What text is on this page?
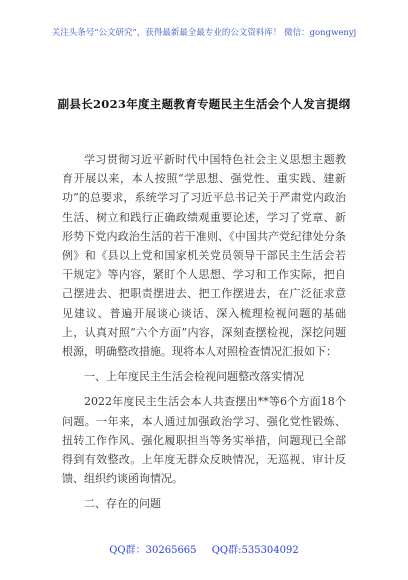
关注头条号“公文研究”，获得最新最全最专业的公文资料库！ 微信：gongwenyj
副县长2023年度主题教育专题民主生活会个人发言提纲

学习贯彻习近平新时代中国特色社会主义思想主题教育开展以来，本人按照“学思想、强党性、重实践、建新功”的总要求，系统学习了习近平总书记关于严肃党内政治生活、树立和践行正确政绩观重要论述，学习了党章、新形势下党内政治生活的若干准则、《中国共产党纪律处分条例》和《县以上党和国家机关党员领导干部民主生活会若干规定》等内容，紧盯个人思想、学习和工作实际，把自己摆进去、把职责摆进去、把工作摆进去，在广泛征求意见建议、普遍开展谈心谈话、深入梳理检视问题的基础上，认真对照“六个方面”内容，深刻查摆检视，深挖问题根源，明确整改措施。现将本人对照检查情况汇报如下：

一、上年度民主生活会检视问题整改落实情况

2022年度民主生活会本人共查摆出**等6个方面18个问题。一年来，本人通过加强政治学习、强化党性锻炼、扭转工作作风、强化履职担当等务实举措，问题现已全部得到有效整改。上年度无群众反映情况，无巡视、审计反馈、组织约谈函询情况。

二、存在的问题

QQ群：30265665 QQ群:535304092
